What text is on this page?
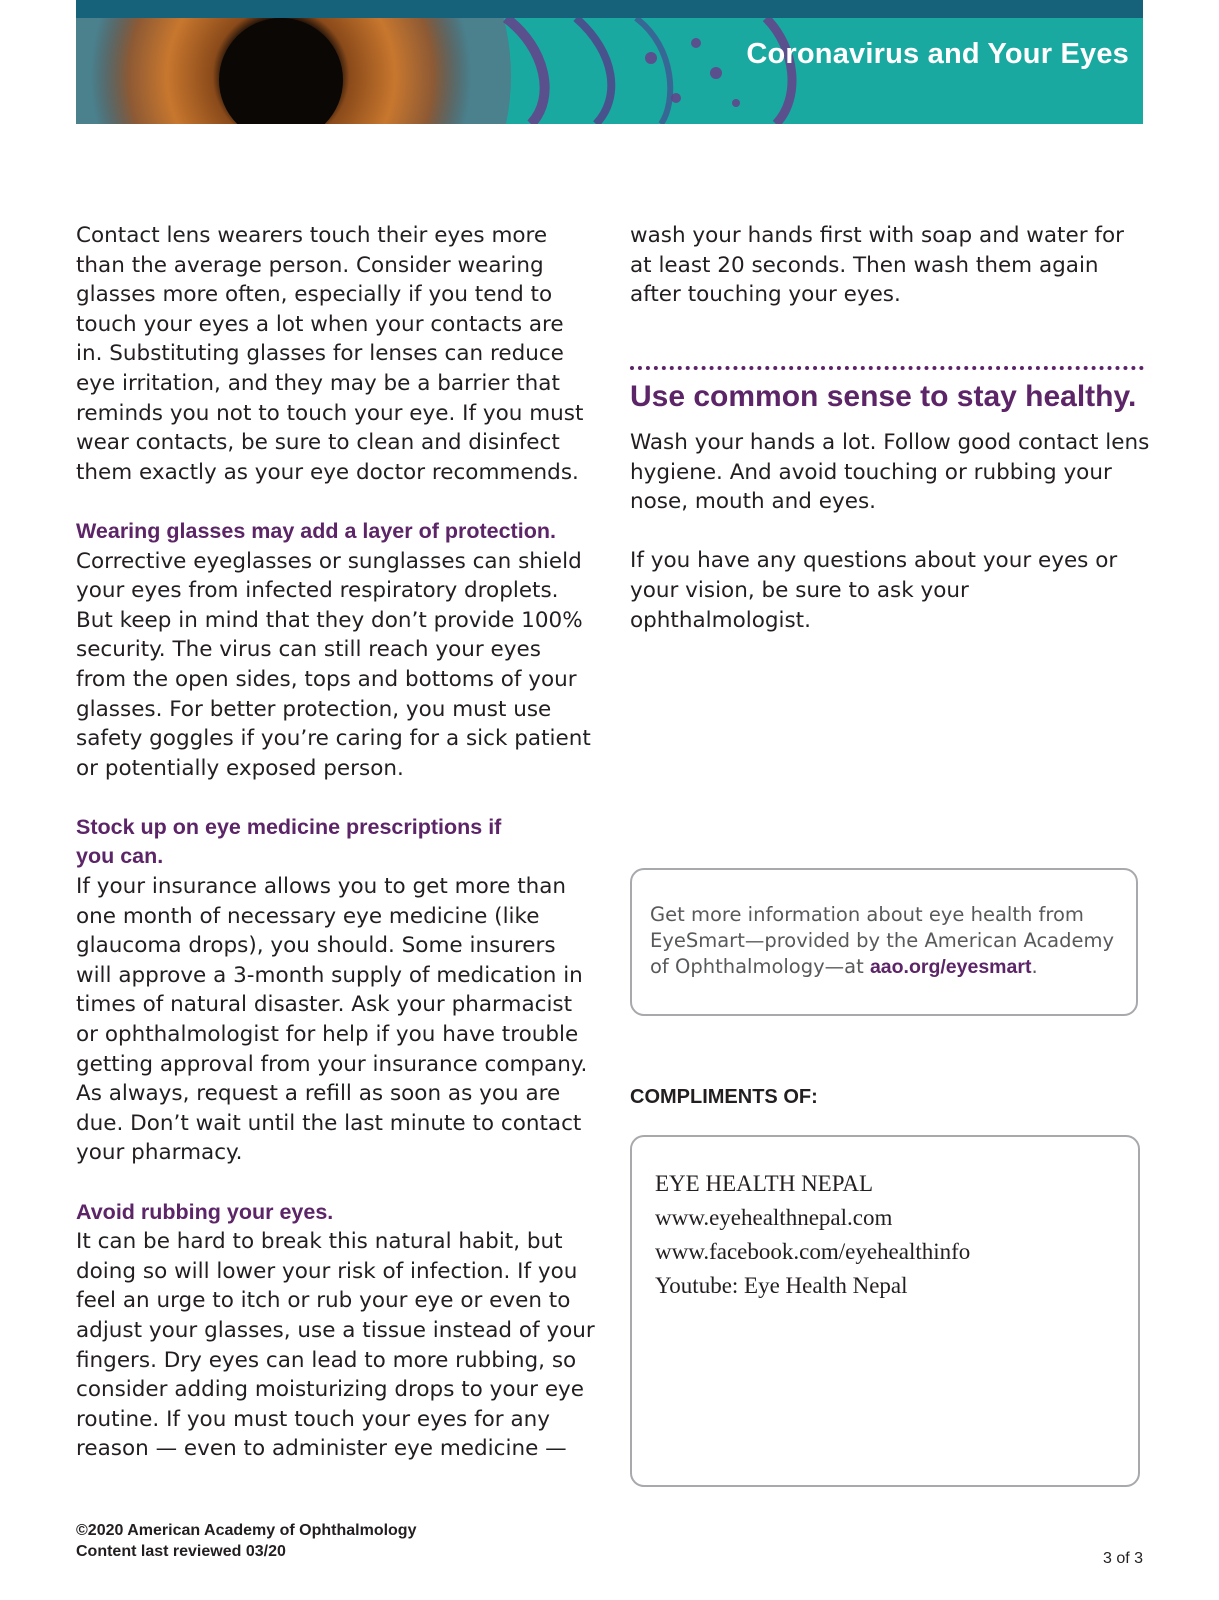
Coronavirus and Your Eyes

Contact lens wearers touch their eyes more than the average person. Consider wearing glasses more often, especially if you tend to touch your eyes a lot when your contacts are in. Substituting glasses for lenses can reduce eye irritation, and they may be a barrier that reminds you not to touch your eye. If you must wear contacts, be sure to clean and disinfect them exactly as your eye doctor recommends.

Wearing glasses may add a layer of protection.

Corrective eyeglasses or sunglasses can shield your eyes from infected respiratory droplets. But keep in mind that they don’t provide 100% security. The virus can still reach your eyes from the open sides, tops and bottoms of your glasses. For better protection, you must use safety goggles if you’re caring for a sick patient or potentially exposed person.

Stock up on eye medicine prescriptions if you can.

If your insurance allows you to get more than one month of necessary eye medicine (like glaucoma drops), you should. Some insurers will approve a 3-month supply of medication in times of natural disaster. Ask your pharmacist or ophthalmologist for help if you have trouble getting approval from your insurance company. As always, request a refill as soon as you are due. Don’t wait until the last minute to contact your pharmacy.

Avoid rubbing your eyes.

It can be hard to break this natural habit, but doing so will lower your risk of infection. If you feel an urge to itch or rub your eye or even to adjust your glasses, use a tissue instead of your fingers. Dry eyes can lead to more rubbing, so consider adding moisturizing drops to your eye routine. If you must touch your eyes for any reason — even to administer eye medicine —

wash your hands first with soap and water for at least 20 seconds. Then wash them again after touching your eyes.

Use common sense to stay healthy.

Wash your hands a lot. Follow good contact lens hygiene. And avoid touching or rubbing your nose, mouth and eyes.

If you have any questions about your eyes or your vision, be sure to ask your ophthalmologist.

Get more information about eye health from EyeSmart—provided by the American Academy of Ophthalmology—at aao.org/eyesmart.
COMPLIMENTS OF:
EYE HEALTH NEPAL
www.eyehealthnepal.com
www.facebook.com/eyehealthinfo
Youtube: Eye Health Nepal
©2020 American Academy of Ophthalmology
Content last reviewed 03/20	3 of 3
